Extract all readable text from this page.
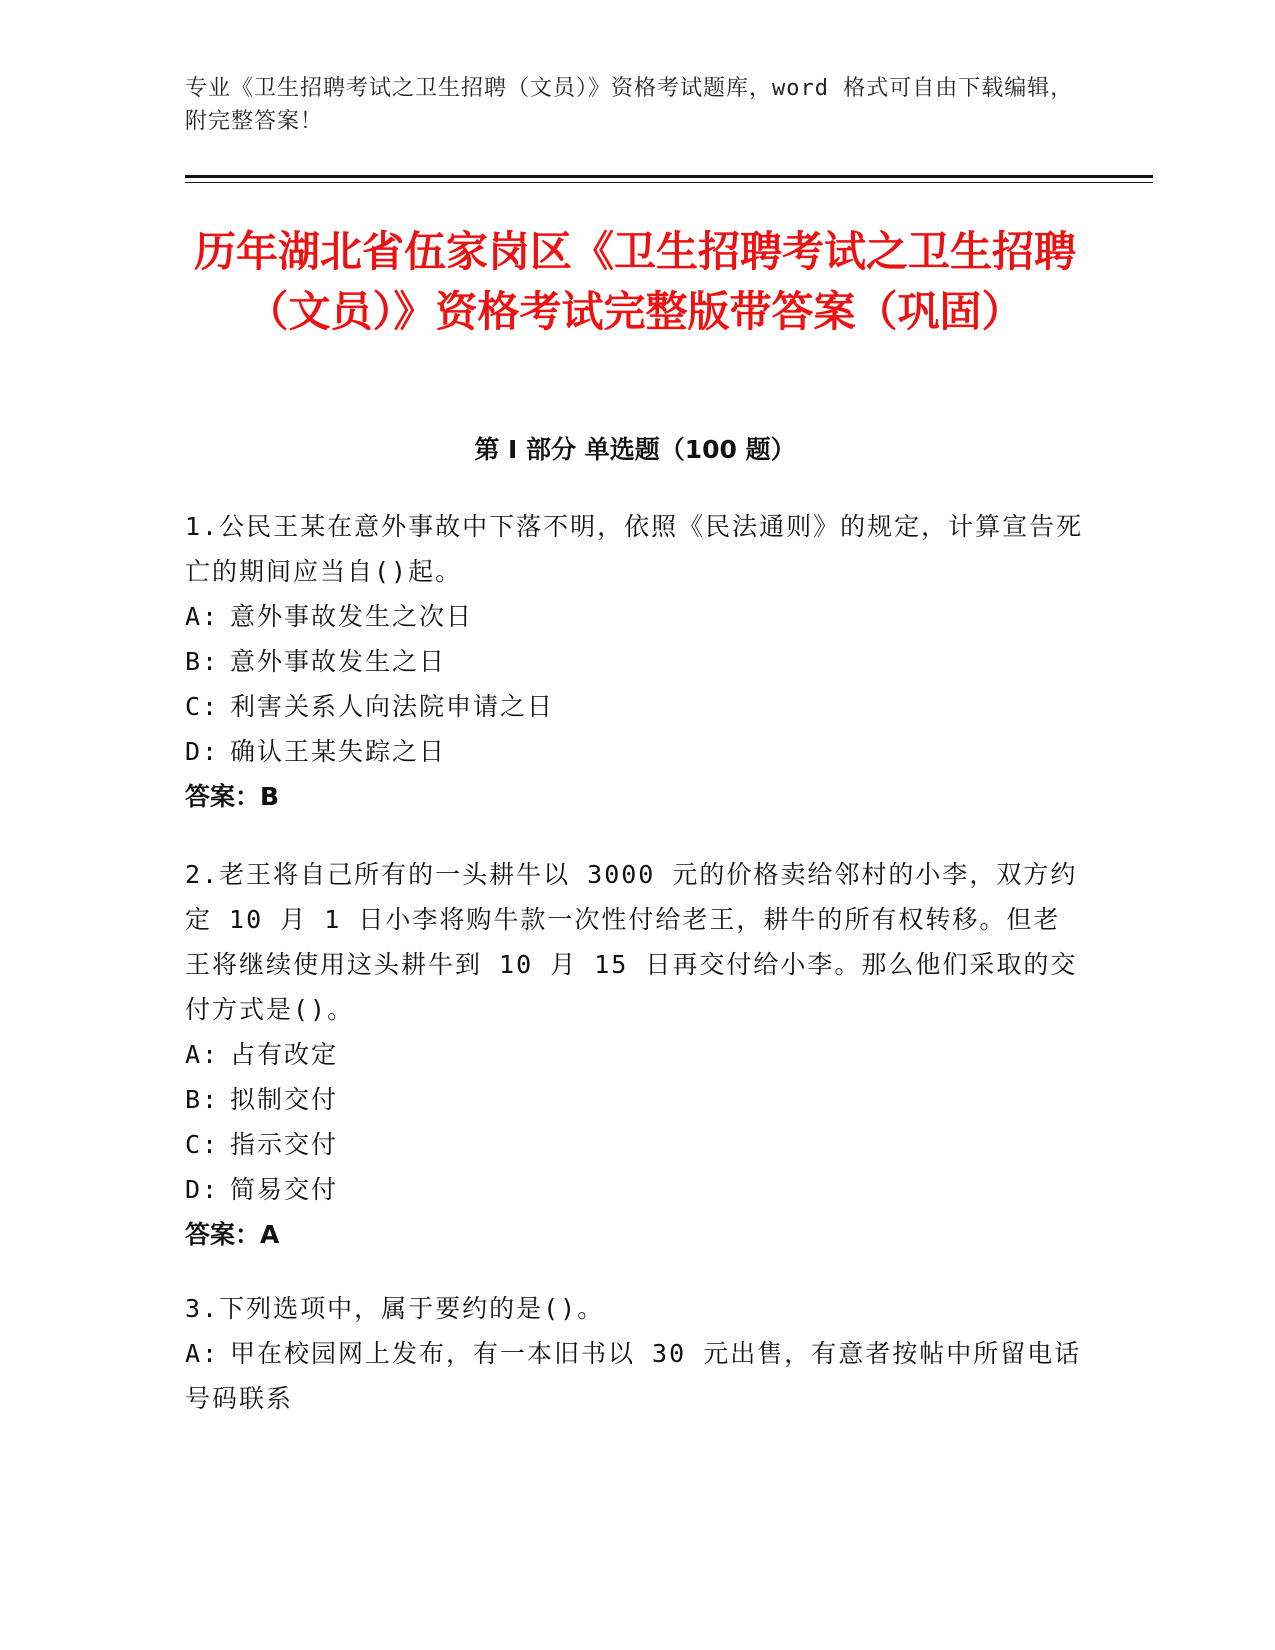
专业《卫生招聘考试之卫生招聘（文员）》资格考试题库，word 格式可自由下载编辑，附完整答案！
历年湖北省伍家岗区《卫生招聘考试之卫生招聘（文员）》资格考试完整版带答案（巩固）
第 I 部分 单选题（100 题）
1.公民王某在意外事故中下落不明，依照《民法通则》的规定，计算宣告死亡的期间应当自()起。
A: 意外事故发生之次日
B: 意外事故发生之日
C: 利害关系人向法院申请之日
D: 确认王某失踪之日
答案：B
2.老王将自己所有的一头耕牛以 3000 元的价格卖给邻村的小李，双方约定 10 月 1 日小李将购牛款一次性付给老王，耕牛的所有权转移。但老王将继续使用这头耕牛到 10 月 15 日再交付给小李。那么他们采取的交付方式是()。
A: 占有改定
B: 拟制交付
C: 指示交付
D: 简易交付
答案：A
3.下列选项中，属于要约的是()。
A: 甲在校园网上发布，有一本旧书以 30 元出售，有意者按帖中所留电话号码联系
